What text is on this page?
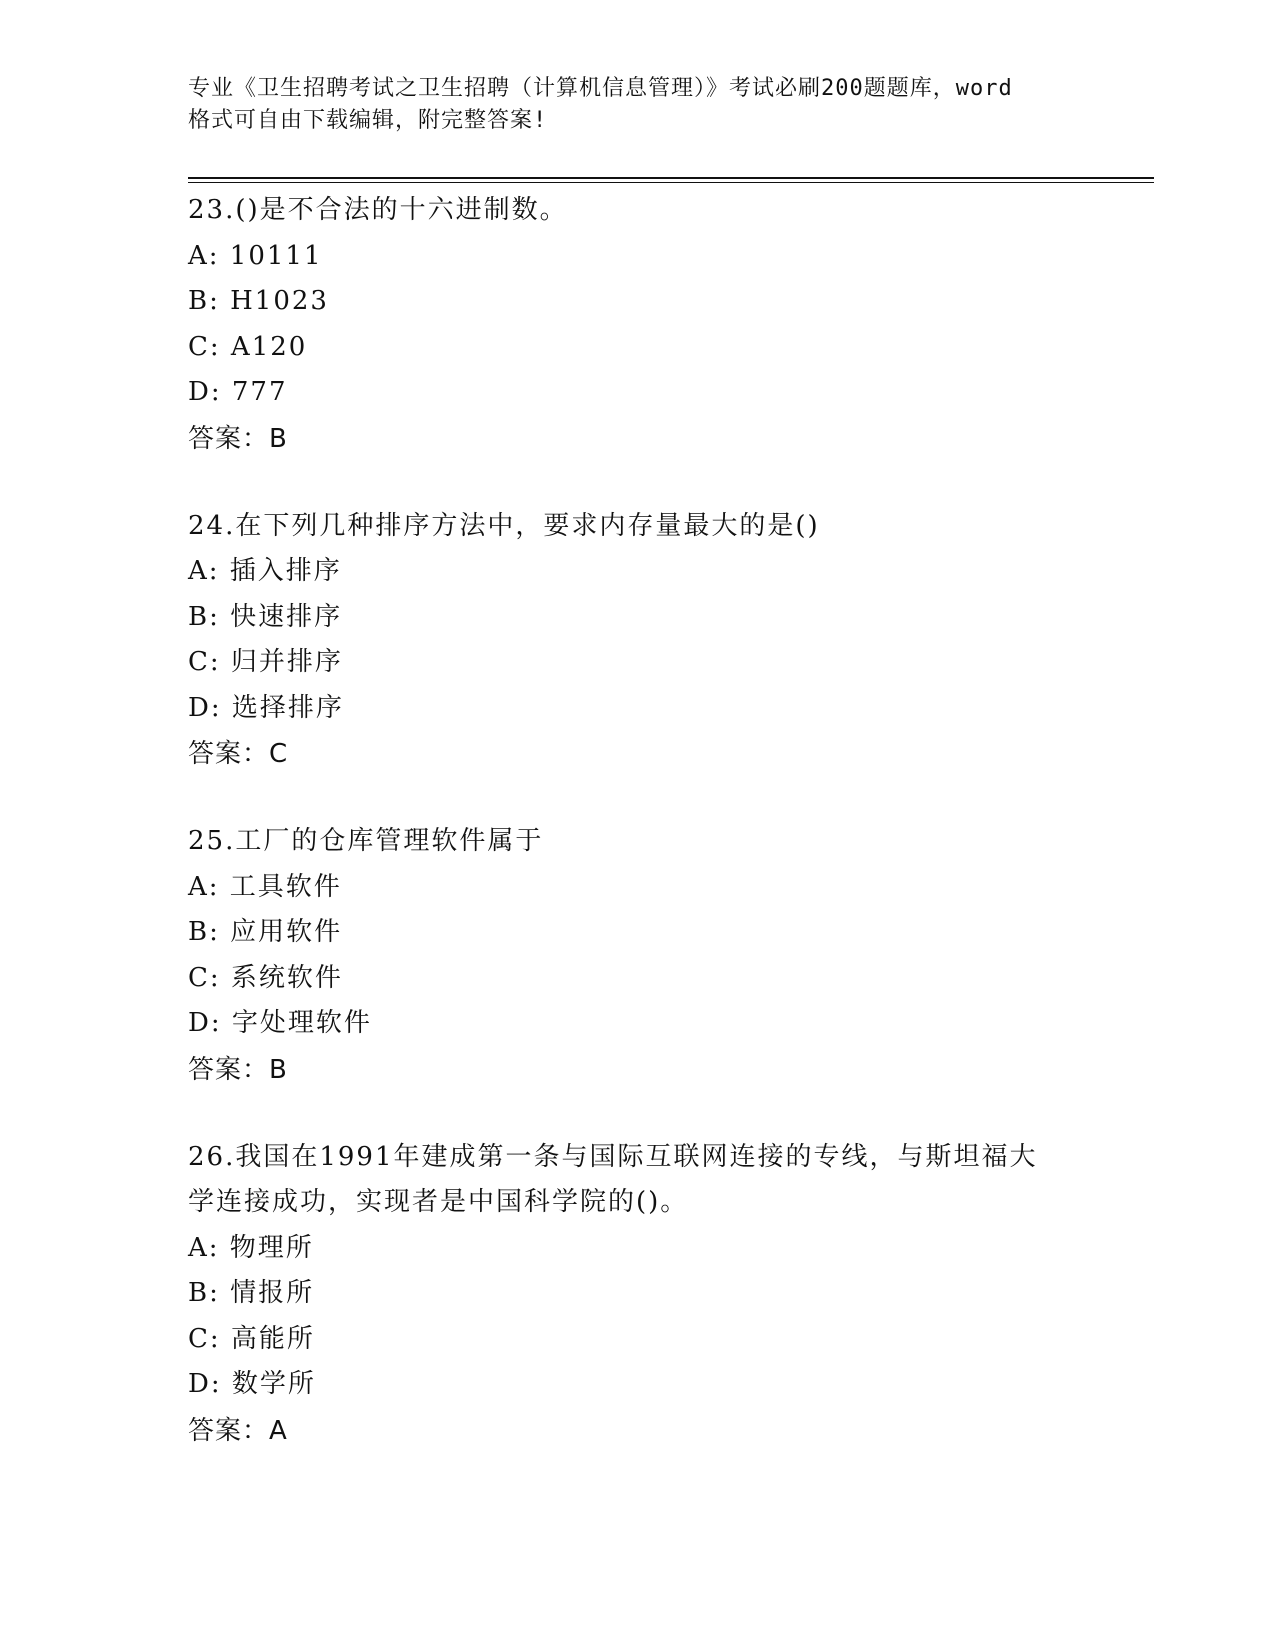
专业《卫生招聘考试之卫生招聘（计算机信息管理）》考试必刷200题题库，word
格式可自由下载编辑，附完整答案!
23.()是不合法的十六进制数。
A: 10111
B: H1023
C: A120
D: 777
答案：B
24.在下列几种排序方法中，要求内存量最大的是()
A: 插入排序
B: 快速排序
C: 归并排序
D: 选择排序
答案：C
25.工厂的仓库管理软件属于
A: 工具软件
B: 应用软件
C: 系统软件
D: 字处理软件
答案：B
26.我国在1991年建成第一条与国际互联网连接的专线，与斯坦福大
学连接成功，实现者是中国科学院的()。
A: 物理所
B: 情报所
C: 高能所
D: 数学所
答案：A
